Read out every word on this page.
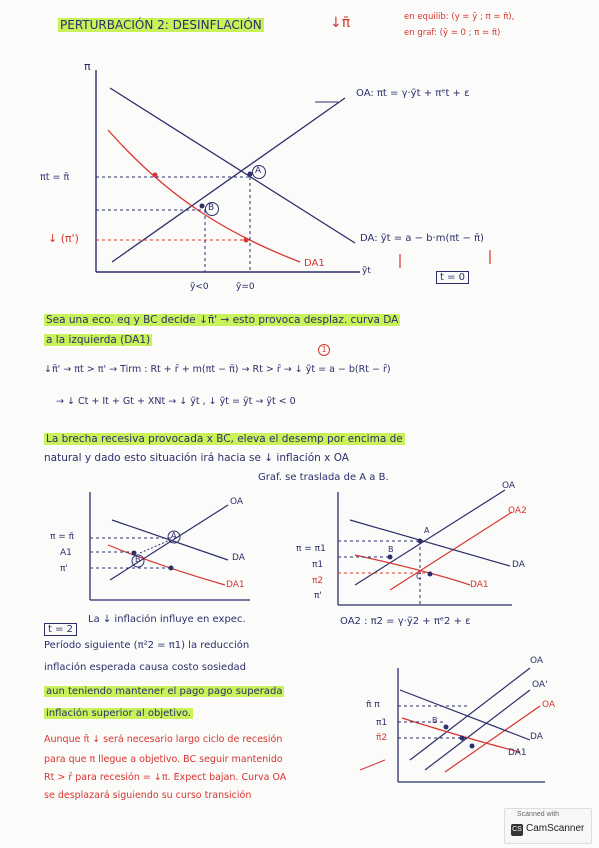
PERTURBACIÓN 2: DESINFLACIÓN	↓π̄	en equilib: (y = ȳ ; π = π̄),
en graf: (ȳ = 0 ; π = π̄)
π
ỹt
OA: πt = γ·ỹt + πᵉt + ε
DA: ỹt = a − b·m(πt − π̄)
DA1
πt = π̄
↓ (π')
ỹ<0	ỹ=0
A
B
t = 0
Sea una eco. eq y BC decide ↓π̄' → esto provoca desplaz. curva DA
a la izquierda (DA1)
1
↓π̄' → πt > π' → Tirm : Rt + r̄ + m(πt − π̄) → Rt > r̄ → ↓ ỹt = a − b(Rt − r̄)
→ ↓ Ct + It + Gt + XNt → ↓ ỹt , ↓ ỹt = ỹt → ỹt < 0
La brecha recesiva provocada x BC, eleva el desemp por encima de
natural y dado esto situación irá hacia se ↓ inflación x OA
Graf. se traslada de A a B.
OA
DA
DA1
π = π̄
A1
π'
A
B
OA
OA2
DA
DA1
π = π1
π1
π2
π'
A
B
C
t = 2
La ↓ inflación influye en expec.
Período siguiente (π²2 = π1) la reducción
inflación esperada causa costo sosiedad
aun teniendo mantener el pago pago superada
inflación superior al objetivo.
OA2 : π2 = γ·ỹ2 + πᵉ2 + ε
Aunque π̄ ↓ será necesario largo ciclo de recesión
para que π llegue a objetivo. BC seguir mantenido
Rt > r̄ para recesión = ↓π. Expect bajan. Curva OA
se desplazará siguiendo su curso transición
OA
OA'
OA
DA
DA1
π̄ π
π1
π̄2
B
Scanned with
CS CamScanner
